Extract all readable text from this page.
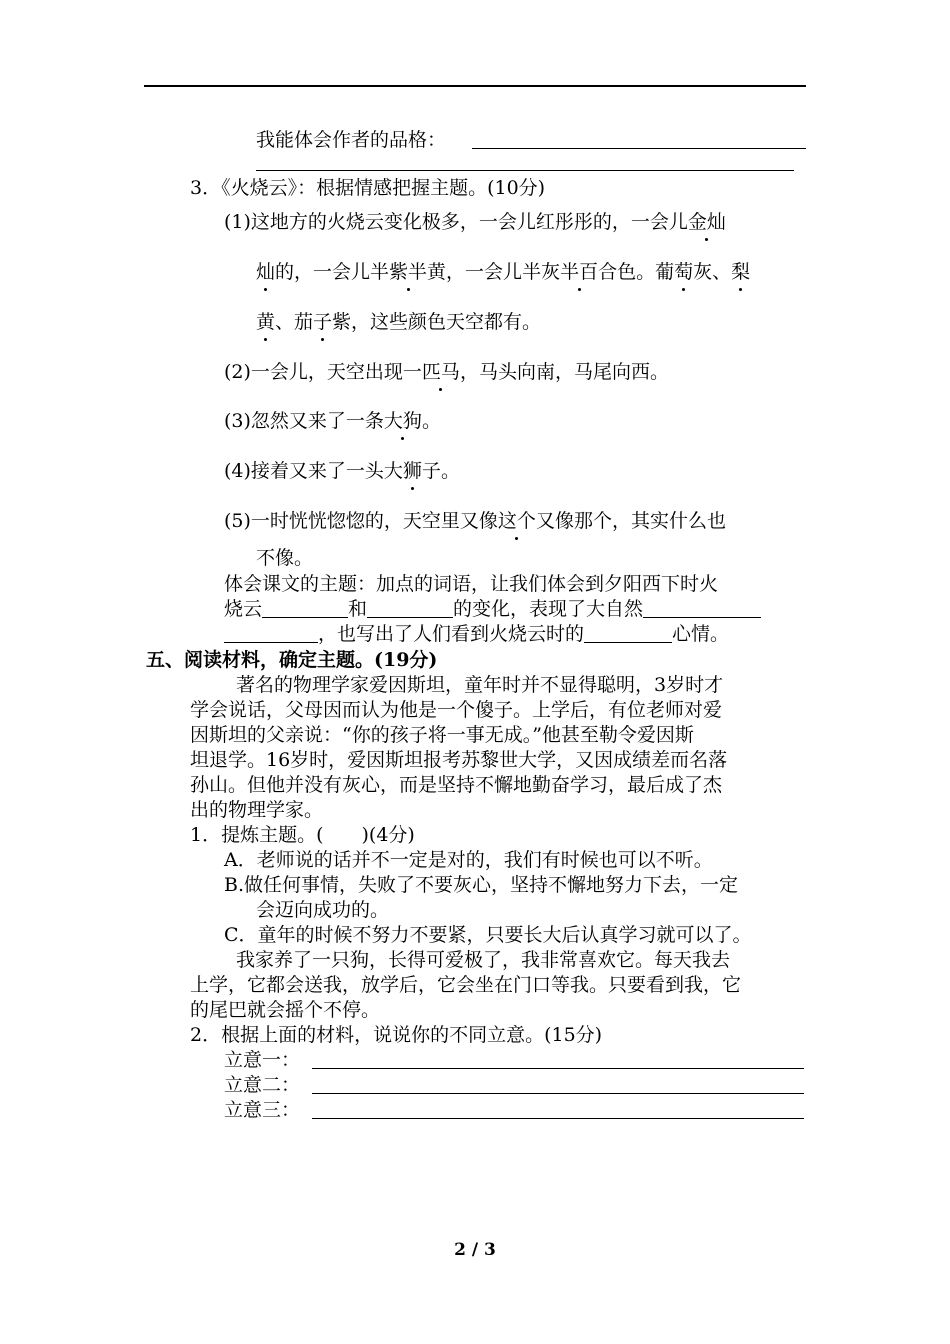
我能体会作者的品格：
3．《火烧云》：根据情感把握主题。(10分)
(1)这地方的火烧云变化极多，一会儿红彤彤的，一会儿金灿
灿的，一会儿半紫半黄，一会儿半灰半百合色。葡萄灰、梨
黄、茄子紫，这些颜色天空都有。
(2)一会儿，天空出现一匹马，马头向南，马尾向西。
(3)忽然又来了一条大狗。
(4)接着又来了一头大狮子。
(5)一时恍恍惚惚的，天空里又像这个又像那个，其实什么也
不像。
体会课文的主题：加点的词语，让我们体会到夕阳西下时火
烧云	和	的变化，表现了大自然
，也写出了人们看到火烧云时的	心情。
五、阅读材料，确定主题。(19分)
著名的物理学家爱因斯坦，童年时并不显得聪明，3岁时才
学会说话，父母因而认为他是一个傻子。上学后，有位老师对爱
因斯坦的父亲说：“你的孩子将一事无成。”他甚至勒令爱因斯
坦退学。16岁时，爱因斯坦报考苏黎世大学，又因成绩差而名落
孙山。但他并没有灰心，而是坚持不懈地勤奋学习，最后成了杰
出的物理学家。
1．提炼主题。(　　)(4分)
A．老师说的话并不一定是对的，我们有时候也可以不听。
B.做任何事情，失败了不要灰心，坚持不懈地努力下去，一定
会迈向成功的。
C．童年的时候不努力不要紧，只要长大后认真学习就可以了。
我家养了一只狗，长得可爱极了，我非常喜欢它。每天我去
上学，它都会送我，放学后，它会坐在门口等我。只要看到我，它
的尾巴就会摇个不停。
2．根据上面的材料，说说你的不同立意。(15分)
立意一：
立意二：
立意三：
2 / 3
